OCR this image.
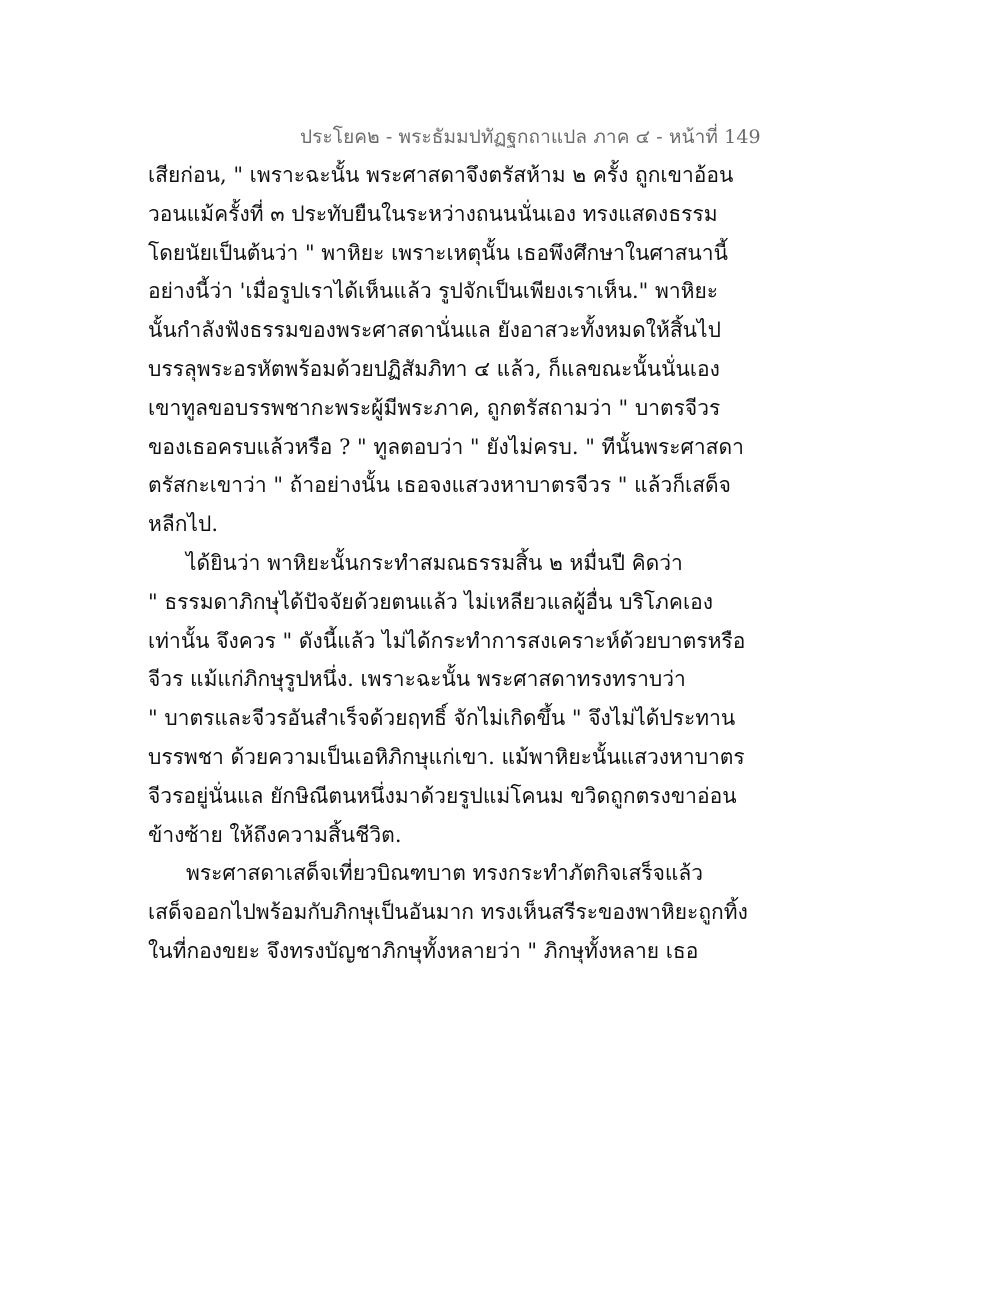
ประโยค๒ - พระธัมมปทัฏฐกถาแปล ภาค ๔ - หน้าที่ 149
เสียก่อน, " เพราะฉะนั้น พระศาสดาจึงตรัสห้าม ๒ ครั้ง ถูกเขาอ้อน
วอนแม้ครั้งที่ ๓ ประทับยืนในระหว่างถนนนั่นเอง ทรงแสดงธรรม
โดยนัยเป็นต้นว่า " พาหิยะ เพราะเหตุนั้น เธอพึงศึกษาในศาสนานี้
อย่างนี้ว่า 'เมื่อรูปเราได้เห็นแล้ว รูปจักเป็นเพียงเราเห็น." พาหิยะ
นั้นกำลังฟังธรรมของพระศาสดานั่นแล ยังอาสวะทั้งหมดให้สิ้นไป
บรรลุพระอรหัตพร้อมด้วยปฏิสัมภิทา ๔ แล้ว, ก็แลขณะนั้นนั่นเอง
เขาทูลขอบรรพชากะพระผู้มีพระภาค, ถูกตรัสถามว่า " บาตรจีวร
ของเธอครบแล้วหรือ ? " ทูลตอบว่า " ยังไม่ครบ. " ทีนั้นพระศาสดา
ตรัสกะเขาว่า " ถ้าอย่างนั้น เธอจงแสวงหาบาตรจีวร " แล้วก็เสด็จ
หลีกไป.
ได้ยินว่า พาหิยะนั้นกระทำสมณธรรมสิ้น ๒ หมื่นปี คิดว่า
" ธรรมดาภิกษุได้ปัจจัยด้วยตนแล้ว ไม่เหลียวแลผู้อื่น บริโภคเอง
เท่านั้น จึงควร " ดังนี้แล้ว ไม่ได้กระทำการสงเคราะห์ด้วยบาตรหรือ
จีวร แม้แก่ภิกษุรูปหนึ่ง. เพราะฉะนั้น พระศาสดาทรงทราบว่า
" บาตรและจีวรอันสำเร็จด้วยฤทธิ์ จักไม่เกิดขึ้น " จึงไม่ได้ประทาน
บรรพชา ด้วยความเป็นเอหิภิกษุแก่เขา. แม้พาหิยะนั้นแสวงหาบาตร
จีวรอยู่นั่นแล ยักษิณีตนหนึ่งมาด้วยรูปแม่โคนม ขวิดถูกตรงขาอ่อน
ข้างซ้าย ให้ถึงความสิ้นชีวิต.
พระศาสดาเสด็จเที่ยวบิณฑบาต ทรงกระทำภัตกิจเสร็จแล้ว
เสด็จออกไปพร้อมกับภิกษุเป็นอันมาก ทรงเห็นสรีระของพาหิยะถูกทิ้ง
ในที่กองขยะ จึงทรงบัญชาภิกษุทั้งหลายว่า " ภิกษุทั้งหลาย เธอ
